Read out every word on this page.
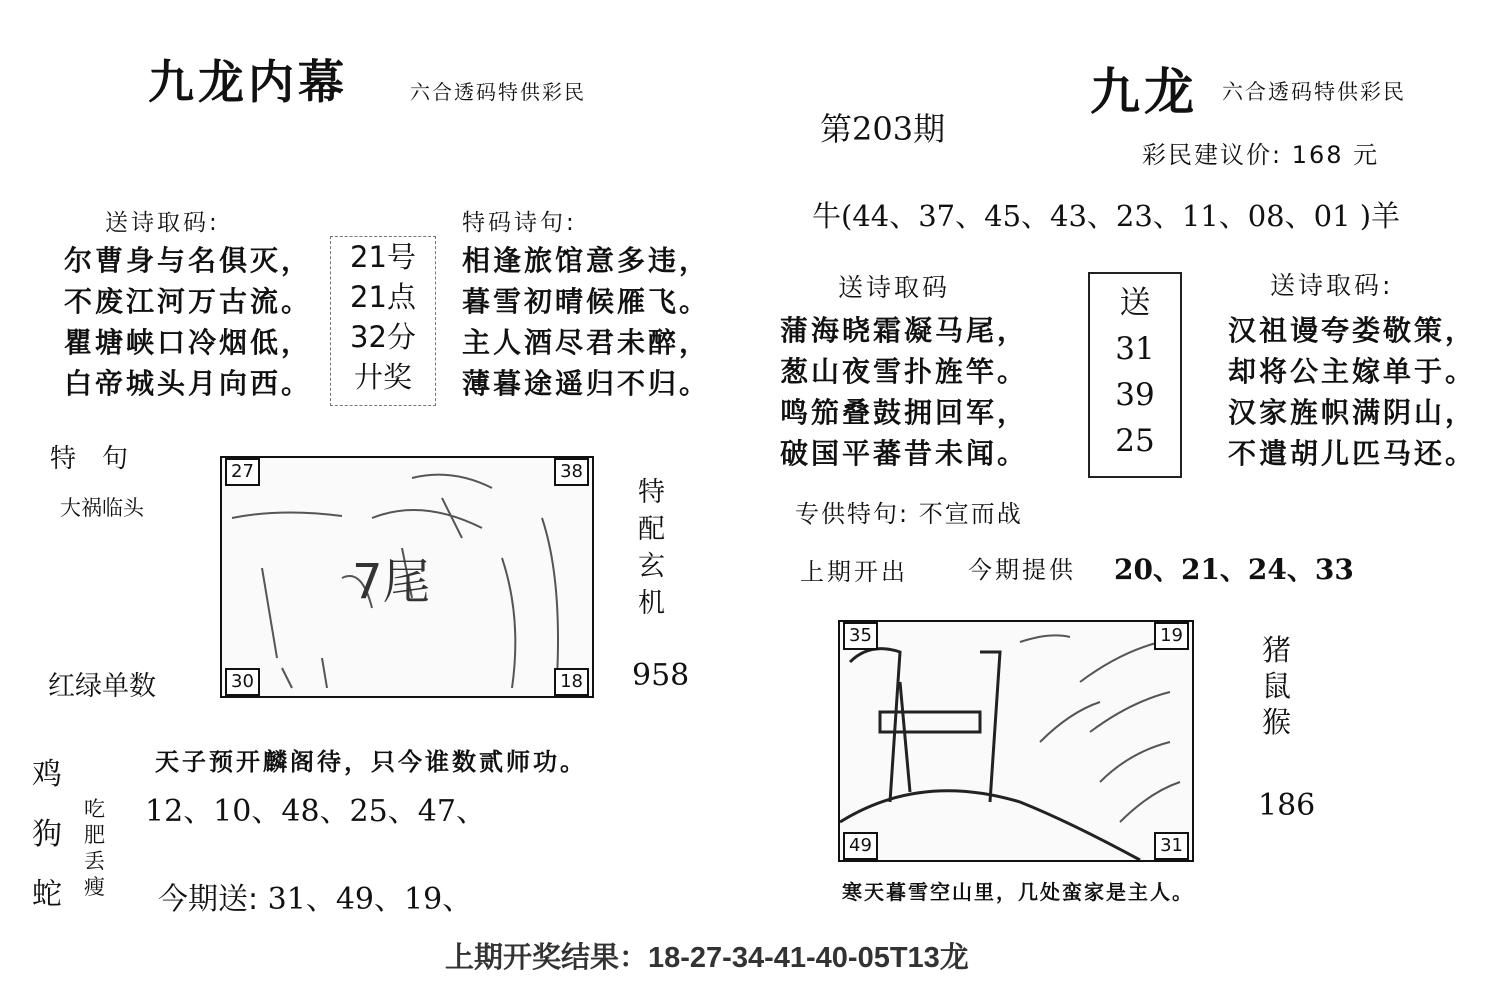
九龙内幕	六合透码特供彩民
送诗取码:
尔曹身与名俱灭，
不废江河万古流。
瞿塘峡口冷烟低，
白帝城头月向西。
21号
21点
32分
廾奖
特码诗句:
相逢旅馆意多违，
暮雪初晴候雁飞。
主人酒尽君未醉，
薄暮途遥归不归。
特　句
大祸临头
红绿单数
7尾
27	38
30	18
特
配
玄
机
958
鸡
狗
蛇
吃
肥
丢
瘦
天子预开麟阁待，只今谁数贰师功。
12、10、48、25、47、
今期送: 31、49、19、
第203期
九龙 六合透码特供彩民
彩民建议价: 168 元
牛(44、37、45、43、23、11、08、01 )羊
送诗取码
蒲海晓霜凝马尾，
葱山夜雪扑旌竿。
鸣笳叠鼓拥回军，
破国平蕃昔未闻。
送
31
39
25
送诗取码:
汉祖谩夸娄敬策，
却将公主嫁单于。
汉家旌帜满阴山，
不遣胡儿匹马还。
专供特句: 不宣而战
上期开出	今期提供 20、21、24、33
35	19
49	31
猪
鼠
猴
186
寒天暮雪空山里，几处蛮家是主人。
上期开奖结果：18-27-34-41-40-05T13龙
